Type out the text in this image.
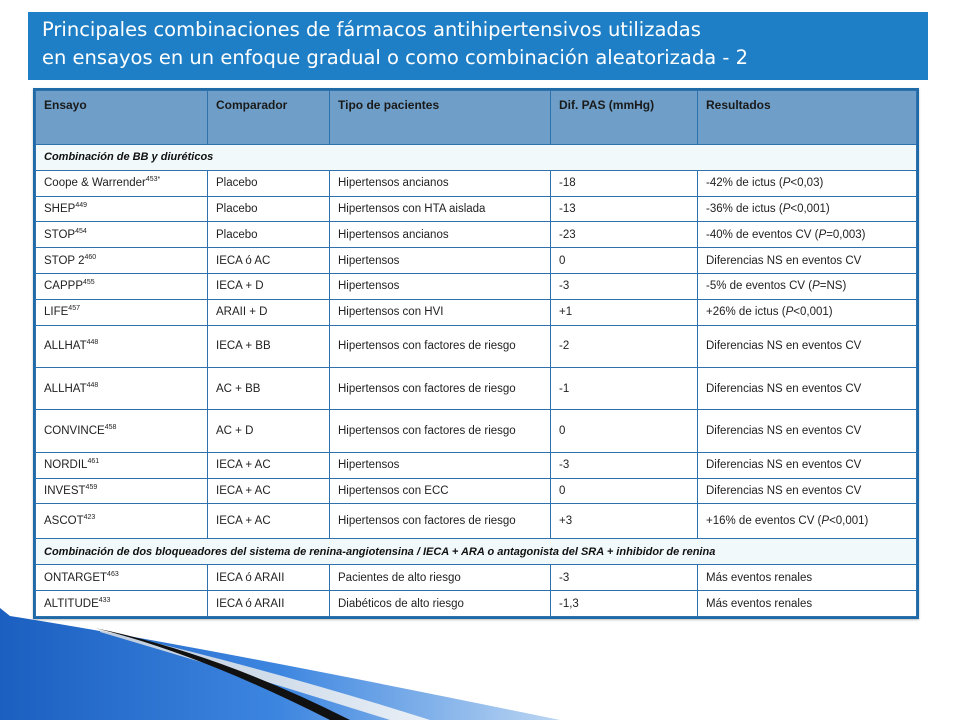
Principales combinaciones de fármacos antihipertensivos utilizadas
en ensayos en un enfoque gradual o como combinación aleatorizada - 2
Ensayo	Comparador	Tipo de pacientes	Dif. PAS (mmHg)	Resultados
Combinación de BB y diuréticos				
Coope & Warrender$^{453*}$	Placebo	Hipertensos ancianos	-18	-42% de ictus (P<0,03)
SHEP$^{449}$	Placebo	Hipertensos con HTA aislada	-13	-36% de ictus (P<0,001)
STOP$^{454}$	Placebo	Hipertensos ancianos	-23	-40% de eventos CV (P=0,003)
STOP $2^{460}$	IECA ó AC	Hipertensos	0	Diferencias NS en eventos CV
CAPPP$^{455}$	IECA + D	Hipertensos	-3	-5% de eventos CV (P=NS)
LIFE$^{457}$	ARAII + D	Hipertensos con HVI	+1	+26% de ictus (P<0,001)
ALLHAT$^{448}$	IECA + BB	Hipertensos con factores de riesgo	-2	Diferencias NS en eventos CV
ALLHAT$^{448}$	AC + BB	Hipertensos con factores de riesgo	-1	Diferencias NS en eventos CV
CONVINCE$^{458}$	AC + D	Hipertensos con factores de riesgo	0	Diferencias NS en eventos CV
NORDIL$^{461}$	IECA + AC	Hipertensos	-3	Diferencias NS en eventos CV
INVEST$^{459}$	IECA + AC	Hipertensos con ECC	0	Diferencias NS en eventos CV
ASCOT$^{423}$	IECA + AC	Hipertensos con factores de riesgo	+3	+16% de eventos CV (P<0,001)
Combinación de dos bloqueadores del sistema de renina-angiotensina / IECA + ARA o antagonista del SRA + inhibidor de renina				
ONTARGET$^{463}$	IECA ó ARAII	Pacientes de alto riesgo	-3	Más eventos renales
ALTITUDE$^{433}$	IECA ó ARAII	Diabéticos de alto riesgo	-1,3	Más eventos renales
